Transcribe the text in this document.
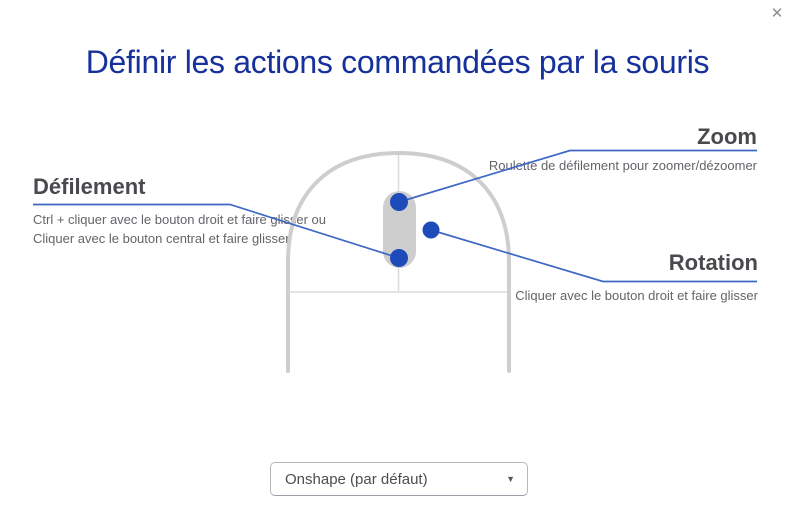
✕
Définir les actions commandées par la souris
Zoom
Roulette de défilement pour zoomer/dézoomer
Défilement
Ctrl + cliquer avec le bouton droit et faire glisser ou
Cliquer avec le bouton central et faire glisser
Rotation
Cliquer avec le bouton droit et faire glisser
Onshape (par défaut)	▼
